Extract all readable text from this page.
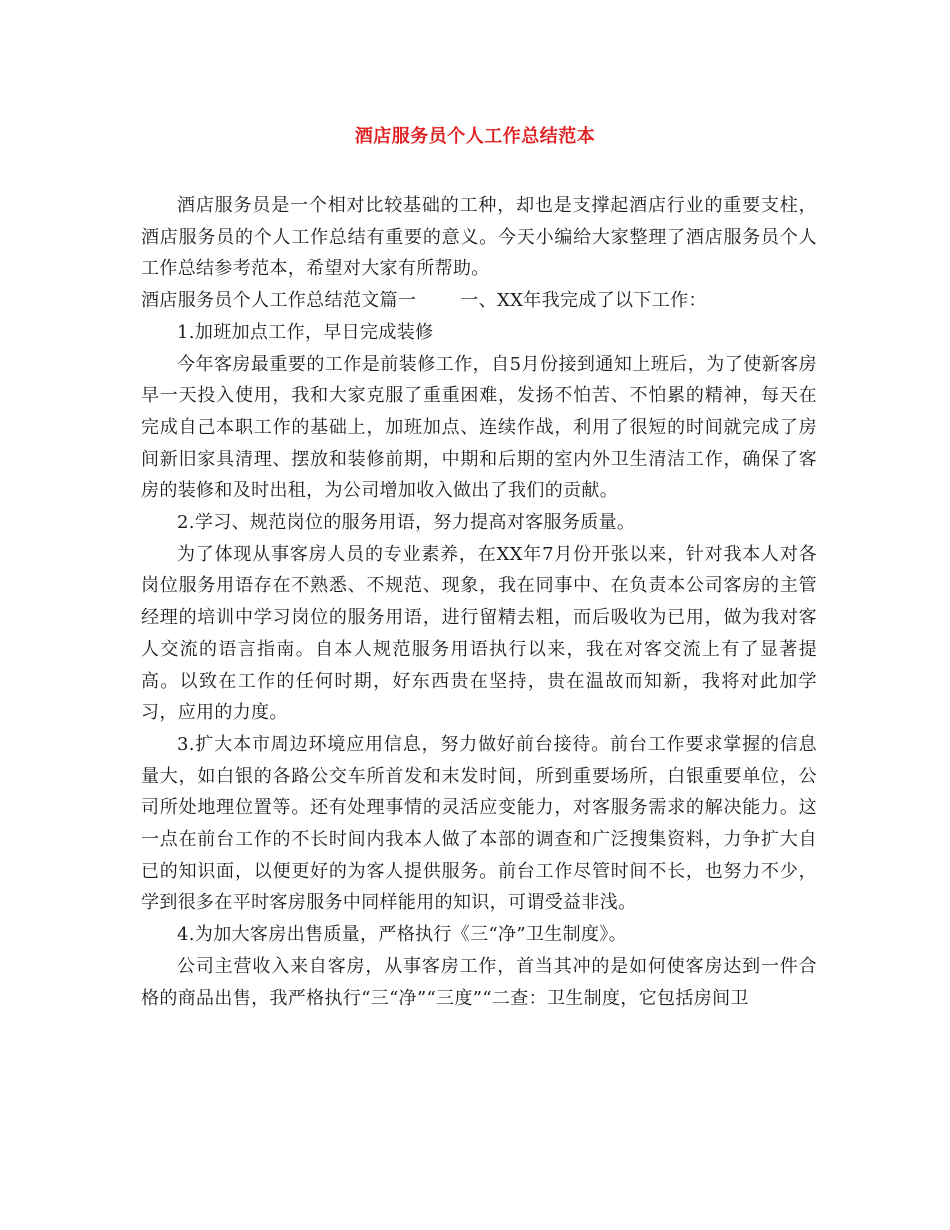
酒店服务员个人工作总结范本

酒店服务员是一个相对比较基础的工种，却也是支撑起酒店行业的重要支柱，酒店服务员的个人工作总结有重要的意义。今天小编给大家整理了酒店服务员个人工作总结参考范本，希望对大家有所帮助。

酒店服务员个人工作总结范文篇一 一、XX年我完成了以下工作：

1.加班加点工作，早日完成装修

今年客房最重要的工作是前装修工作，自5月份接到通知上班后，为了使新客房早一天投入使用，我和大家克服了重重困难，发扬不怕苦、不怕累的精神，每天在完成自己本职工作的基础上，加班加点、连续作战，利用了很短的时间就完成了房间新旧家具清理、摆放和装修前期，中期和后期的室内外卫生清洁工作，确保了客房的装修和及时出租，为公司增加收入做出了我们的贡献。

2.学习、规范岗位的服务用语，努力提高对客服务质量。

为了体现从事客房人员的专业素养，在XX年7月份开张以来，针对我本人对各岗位服务用语存在不熟悉、不规范、现象，我在同事中、在负责本公司客房的主管经理的培训中学习岗位的服务用语，进行留精去粗，而后吸收为已用，做为我对客人交流的语言指南。自本人规范服务用语执行以来，我在对客交流上有了显著提高。以致在工作的任何时期，好东西贵在坚持，贵在温故而知新，我将对此加学习，应用的力度。

3.扩大本市周边环境应用信息，努力做好前台接待。前台工作要求掌握的信息量大，如白银的各路公交车所首发和末发时间，所到重要场所，白银重要单位，公司所处地理位置等。还有处理事情的灵活应变能力，对客服务需求的解决能力。这一点在前台工作的不长时间内我本人做了本部的调查和广泛搜集资料，力争扩大自已的知识面，以便更好的为客人提供服务。前台工作尽管时间不长，也努力不少，学到很多在平时客房服务中同样能用的知识，可谓受益非浅。

4.为加大客房出售质量，严格执行《三“净”卫生制度》。

公司主营收入来自客房，从事客房工作，首当其冲的是如何使客房达到一件合格的商品出售，我严格执行“三“净”“三度”“二查：卫生制度，它包括房间卫
